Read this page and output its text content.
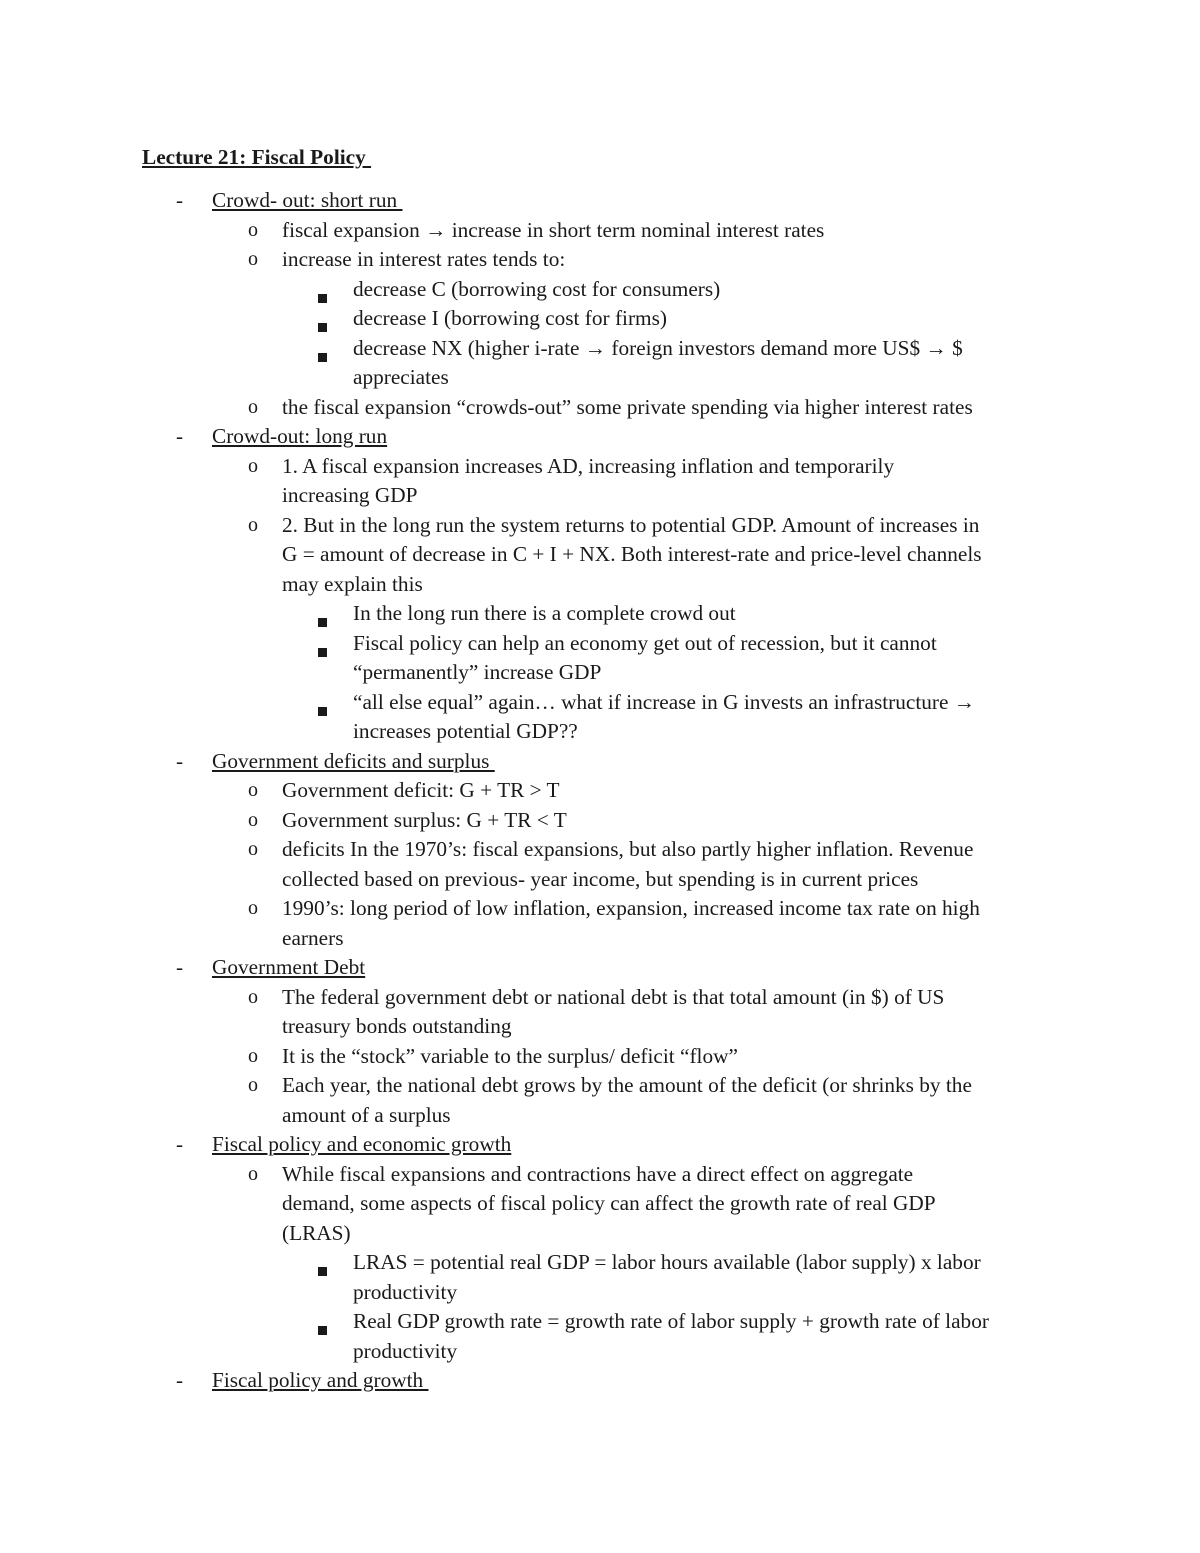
Lecture 21: Fiscal Policy
- Crowd- out: short run
o fiscal expansion → increase in short term nominal interest rates
o increase in interest rates tends to:
decrease C (borrowing cost for consumers)
decrease I (borrowing cost for firms)
decrease NX (higher i-rate → foreign investors demand more US$ → $
appreciates
o the fiscal expansion “crowds-out” some private spending via higher interest rates
- Crowd-out: long run
o 1. A fiscal expansion increases AD, increasing inflation and temporarily
increasing GDP
o 2. But in the long run the system returns to potential GDP. Amount of increases in
G = amount of decrease in C + I + NX. Both interest-rate and price-level channels
may explain this
In the long run there is a complete crowd out
Fiscal policy can help an economy get out of recession, but it cannot
“permanently” increase GDP
“all else equal” again… what if increase in G invests an infrastructure →
increases potential GDP??
- Government deficits and surplus
o Government deficit: G + TR > T
o Government surplus: G + TR < T
o deficits In the 1970’s: fiscal expansions, but also partly higher inflation. Revenue
collected based on previous- year income, but spending is in current prices
o 1990’s: long period of low inflation, expansion, increased income tax rate on high
earners
- Government Debt
o The federal government debt or national debt is that total amount (in $) of US
treasury bonds outstanding
o It is the “stock” variable to the surplus/ deficit “flow”
o Each year, the national debt grows by the amount of the deficit (or shrinks by the
amount of a surplus
- Fiscal policy and economic growth
o While fiscal expansions and contractions have a direct effect on aggregate
demand, some aspects of fiscal policy can affect the growth rate of real GDP
(LRAS)
LRAS = potential real GDP = labor hours available (labor supply) x labor
productivity
Real GDP growth rate = growth rate of labor supply + growth rate of labor
productivity
- Fiscal policy and growth
